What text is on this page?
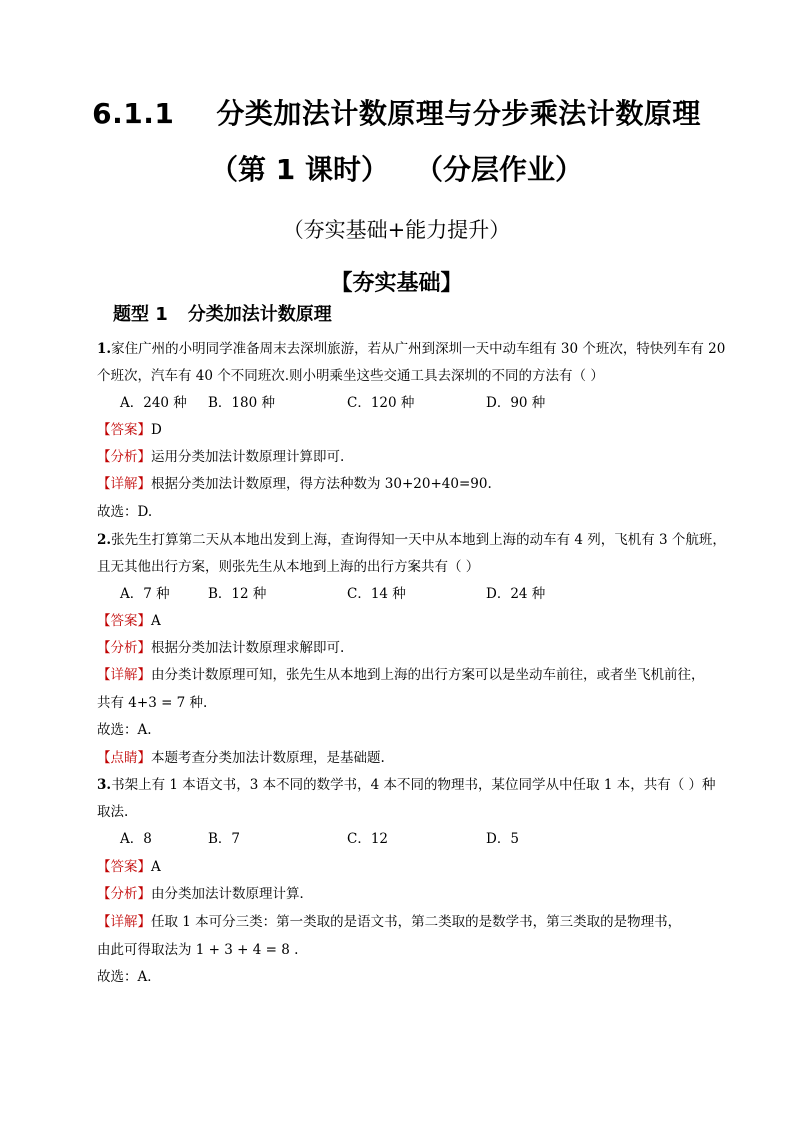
6.1.1 分类加法计数原理与分步乘法计数原理
（第 1 课时） （分层作业）
（夯实基础+能力提升）
【夯实基础】
题型 1 分类加法计数原理
1.家住广州的小明同学准备周末去深圳旅游，若从广州到深圳一天中动车组有 30 个班次，特快列车有 20
个班次，汽车有 40 个不同班次.则小明乘坐这些交通工具去深圳的不同的方法有（ ）
A．240 种 B．180 种	C．120 种	D．90 种
【答案】D
【分析】运用分类加法计数原理计算即可.
【详解】根据分类加法计数原理，得方法种数为 30+20+40=90.
故选：D.
2.张先生打算第二天从本地出发到上海，查询得知一天中从本地到上海的动车有 4 列，飞机有 3 个航班，
且无其他出行方案，则张先生从本地到上海的出行方案共有（ ）
A．7 种	B．12 种	C．14 种	D．24 种
【答案】A
【分析】根据分类加法计数原理求解即可.
【详解】由分类计数原理可知，张先生从本地到上海的出行方案可以是坐动车前往，或者坐飞机前往，
共有 4+3 = 7 种.
故选：A.
【点睛】本题考查分类加法计数原理，是基础题.
3.书架上有 1 本语文书，3 本不同的数学书，4 本不同的物理书，某位同学从中任取 1 本，共有（ ）种
取法.
A．8	B．7	C．12	D．5
【答案】A
【分析】由分类加法计数原理计算．
【详解】任取 1 本可分三类：第一类取的是语文书，第二类取的是数学书，第三类取的是物理书，
由此可得取法为 1 + 3 + 4 = 8 .
故选：A．
